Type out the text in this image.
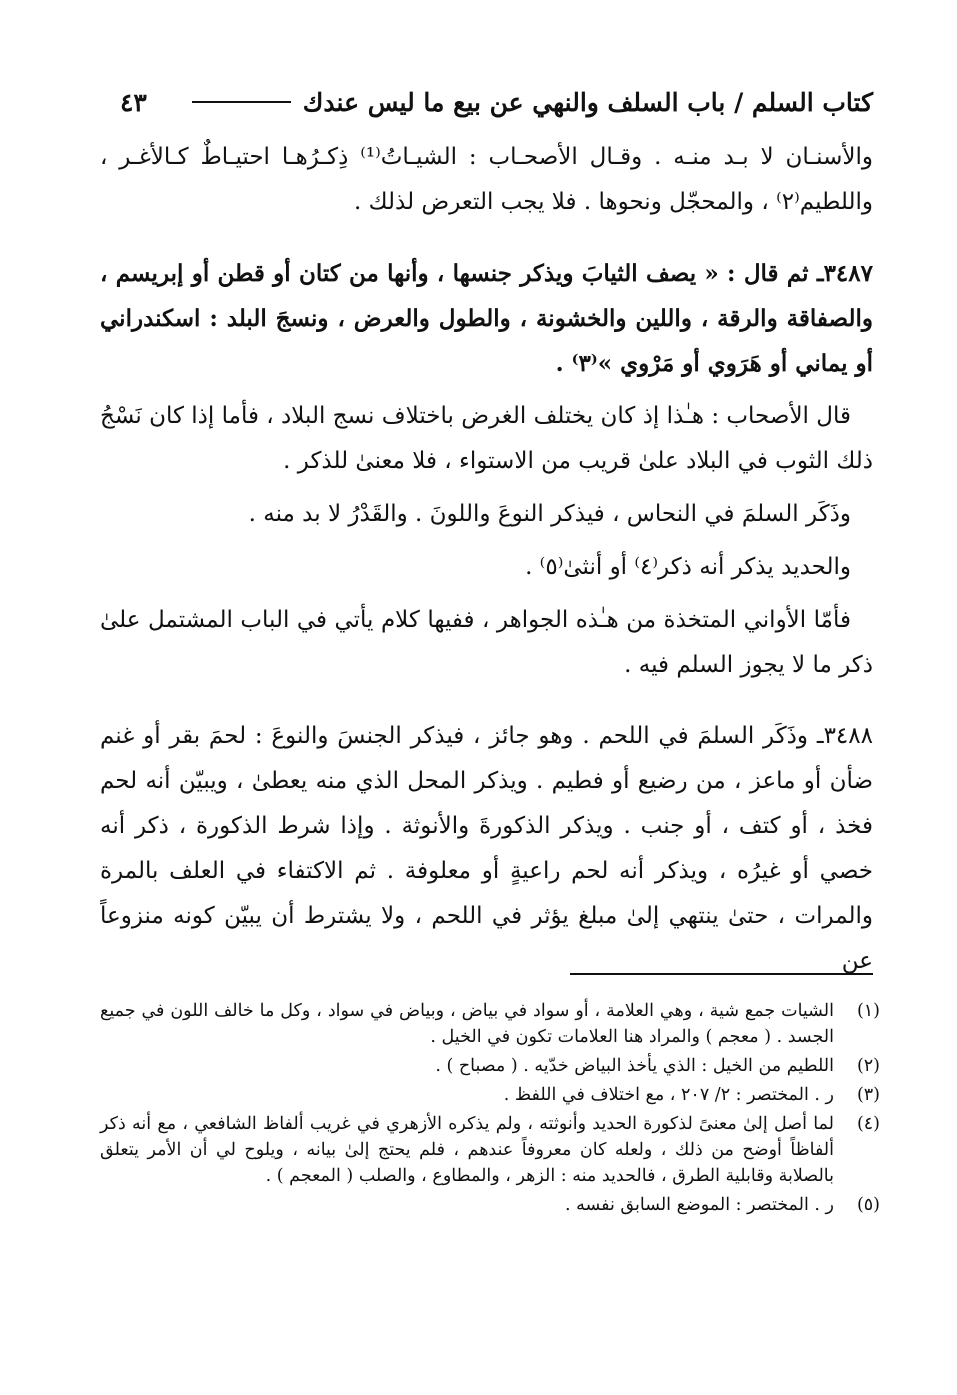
٤٣	كتاب السلم / باب السلف والنهي عن بيع ما ليس عندك

والأسنـان لا بـد منـه . وقـال الأصحـاب : الشيـاتُ⁽¹⁾ ذِكـرُهـا احتيـاطٌ كـالأغـر ، واللطيم⁽٢⁾ ، والمحجّل ونحوها . فلا يجب التعرض لذلك .

٣٤٨٧ـ ثم قال : « يصف الثيابَ ويذكر جنسها ، وأنها من كتان أو قطن أو إبريسم ، والصفاقة والرقة ، واللين والخشونة ، والطول والعرض ، ونسجَ البلد : اسكندراني أو يماني أو هَرَوي أو مَرْوي »⁽٣⁾ .

قال الأصحاب : هـٰذا إذ كان يختلف الغرض باختلاف نسج البلاد ، فأما إذا كان نَسْجُ ذلك الثوب في البلاد علىٰ قريب من الاستواء ، فلا معنىٰ للذكر .

وذَكَر السلمَ في النحاس ، فيذكر النوعَ واللونَ . والقَدْرُ لا بد منه .

والحديد يذكر أنه ذكر⁽٤⁾ أو أنثىٰ⁽٥⁾ .

فأمّا الأواني المتخذة من هـٰذه الجواهر ، ففيها كلام يأتي في الباب المشتمل علىٰ ذكر ما لا يجوز السلم فيه .

٣٤٨٨ـ وذَكَر السلمَ في اللحم . وهو جائز ، فيذكر الجنسَ والنوعَ : لحمَ بقر أو غنم ضأن أو ماعز ، من رضيع أو فطيم . ويذكر المحل الذي منه يعطىٰ ، ويبيّن أنه لحم فخذ ، أو كتف ، أو جنب . ويذكر الذكورةَ والأنوثة . وإذا شرط الذكورة ، ذكر أنه خصي أو غيرُه ، ويذكر أنه لحم راعيةٍ أو معلوفة . ثم الاكتفاء في العلف بالمرة والمرات ، حتىٰ ينتهي إلىٰ مبلغ يؤثر في اللحم ، ولا يشترط أن يبيّن كونه منزوعاً عن

(١)
الشيات جمع شية ، وهي العلامة ، أو سواد في بياض ، وبياض في سواد ، وكل ما خالف اللون في جميع الجسد . ( معجم ) والمراد هنا العلامات تكون في الخيل .
(٢)
اللطيم من الخيل : الذي يأخذ البياض خدّيه . ( مصباح ) .
(٣)
ر . المختصر : ٢/ ٢٠٧ ، مع اختلاف في اللفظ .
(٤)
لما أصل إلىٰ معنىً لذكورة الحديد وأنوثته ، ولم يذكره الأزهري في غريب ألفاظ الشافعي ، مع أنه ذكر ألفاظاً أوضح من ذلك ، ولعله كان معروفاً عندهم ، فلم يحتج إلىٰ بيانه ، ويلوح لي أن الأمر يتعلق بالصلابة وقابلية الطرق ، فالحديد منه : الزهر ، والمطاوع ، والصلب ( المعجم ) .
(٥)
ر . المختصر : الموضع السابق نفسه .
